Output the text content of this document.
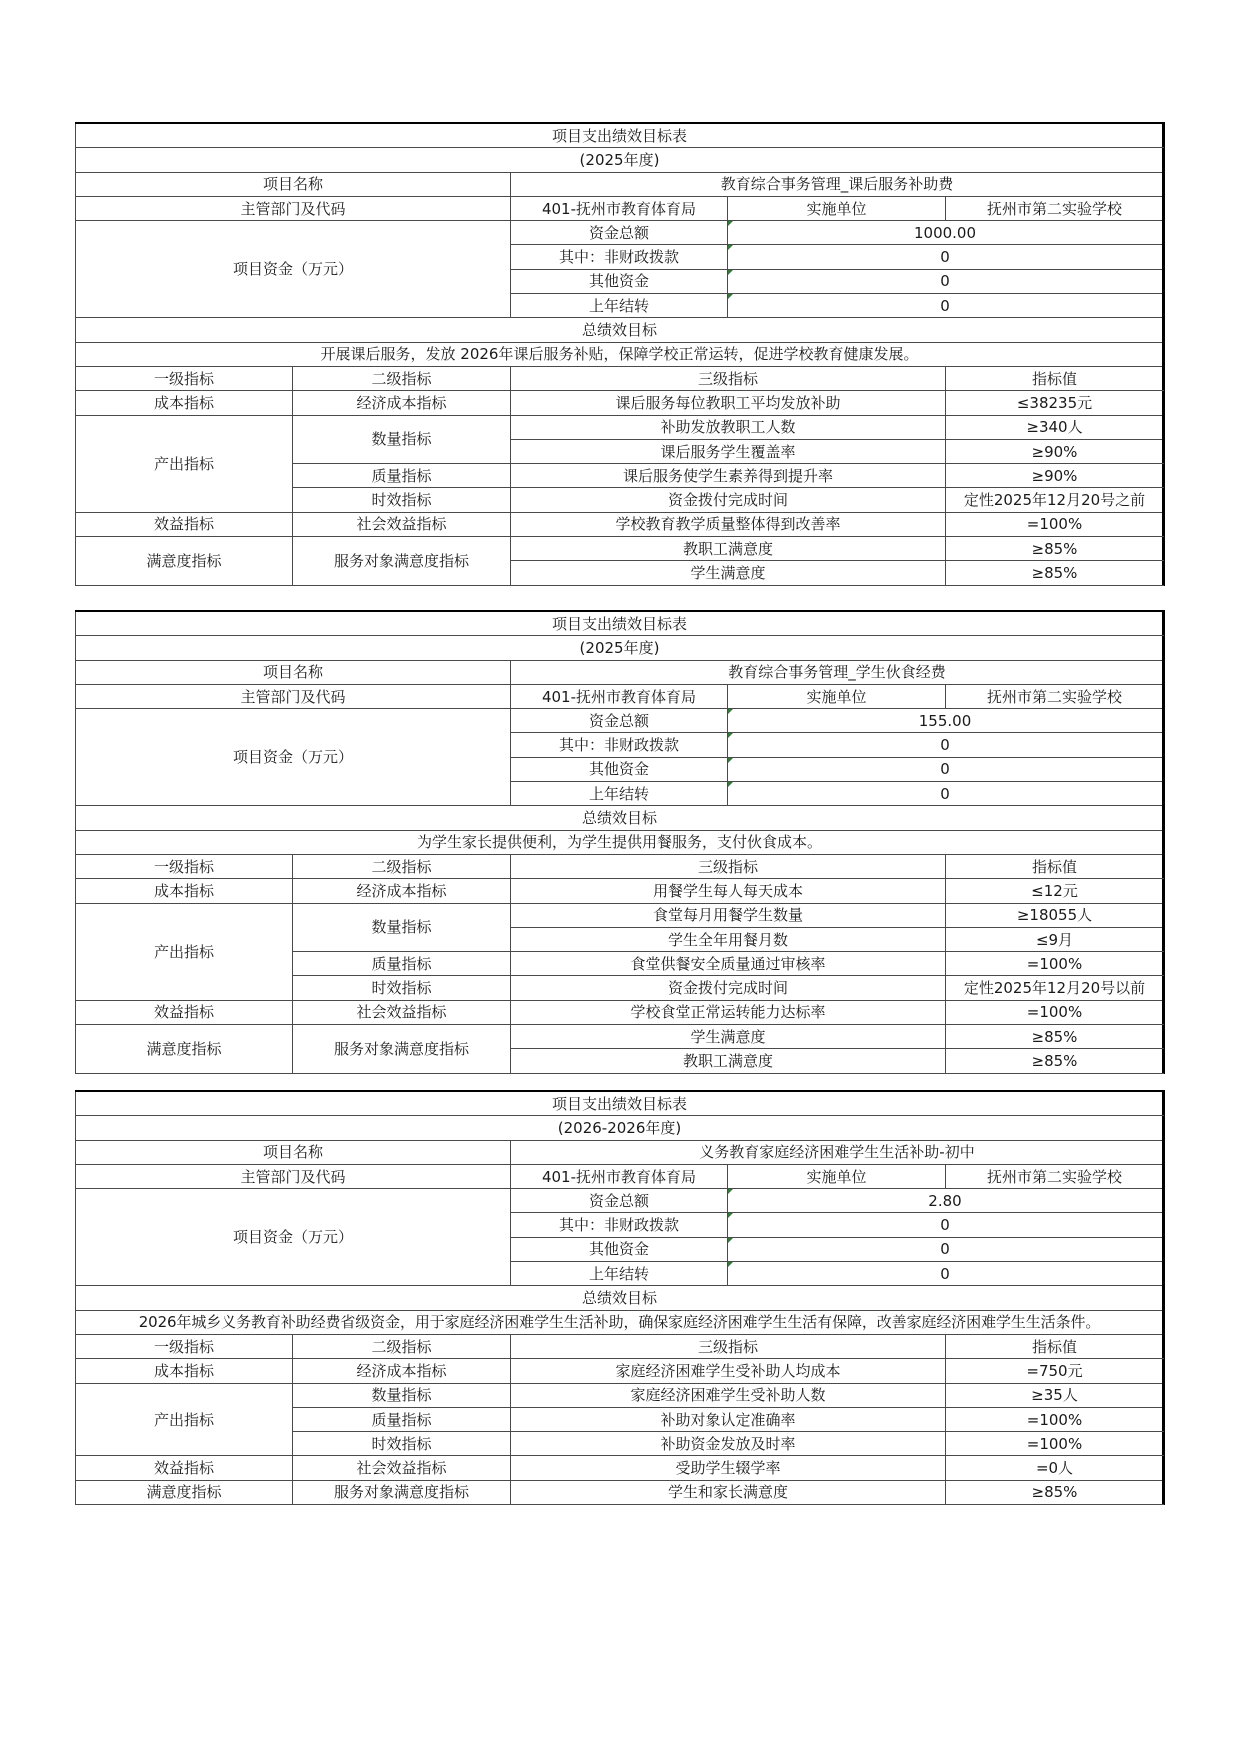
项目支出绩效目标表				
(2025年度)				
项目名称		教育综合事务管理_课后服务补助费		
主管部门及代码		401-抚州市教育体育局	实施单位	抚州市第二实验学校
项目资金（万元）		资金总额	1000.00	
		其中：非财政拨款	0	
		其他资金	0	
		上年结转	0	
总绩效目标				
开展课后服务，发放 2026年课后服务补贴，保障学校正常运转，促进学校教育健康发展。				
一级指标	二级指标	三级指标		指标值
成本指标	经济成本指标	课后服务每位教职工平均发放补助		≤38235元
产出指标	数量指标	补助发放教职工人数		≥340人
		课后服务学生覆盖率		≥90%
	质量指标	课后服务使学生素养得到提升率		≥90%
	时效指标	资金拨付完成时间		定性2025年12月20号之前
效益指标	社会效益指标	学校教育教学质量整体得到改善率		=100%
满意度指标	服务对象满意度指标	教职工满意度		≥85%
		学生满意度		≥85%
项目支出绩效目标表				
(2025年度)				
项目名称		教育综合事务管理_学生伙食经费		
主管部门及代码		401-抚州市教育体育局	实施单位	抚州市第二实验学校
项目资金（万元）		资金总额	155.00	
		其中：非财政拨款	0	
		其他资金	0	
		上年结转	0	
总绩效目标				
为学生家长提供便利，为学生提供用餐服务，支付伙食成本。				
一级指标	二级指标	三级指标		指标值
成本指标	经济成本指标	用餐学生每人每天成本		≤12元
产出指标	数量指标	食堂每月用餐学生数量		≥18055人
		学生全年用餐月数		≤9月
	质量指标	食堂供餐安全质量通过审核率		=100%
	时效指标	资金拨付完成时间		定性2025年12月20号以前
效益指标	社会效益指标	学校食堂正常运转能力达标率		=100%
满意度指标	服务对象满意度指标	学生满意度		≥85%
		教职工满意度		≥85%
项目支出绩效目标表				
(2026-2026年度)				
项目名称		义务教育家庭经济困难学生生活补助-初中		
主管部门及代码		401-抚州市教育体育局	实施单位	抚州市第二实验学校
项目资金（万元）		资金总额	2.80	
		其中：非财政拨款	0	
		其他资金	0	
		上年结转	0	
总绩效目标				
2026年城乡义务教育补助经费省级资金，用于家庭经济困难学生生活补助，确保家庭经济困难学生生活有保障，改善家庭经济困难学生生活条件。				
一级指标	二级指标	三级指标		指标值
成本指标	经济成本指标	家庭经济困难学生受补助人均成本		=750元
产出指标	数量指标	家庭经济困难学生受补助人数		≥35人
	质量指标	补助对象认定准确率		=100%
	时效指标	补助资金发放及时率		=100%
效益指标	社会效益指标	受助学生辍学率		=0人
满意度指标	服务对象满意度指标	学生和家长满意度		≥85%
